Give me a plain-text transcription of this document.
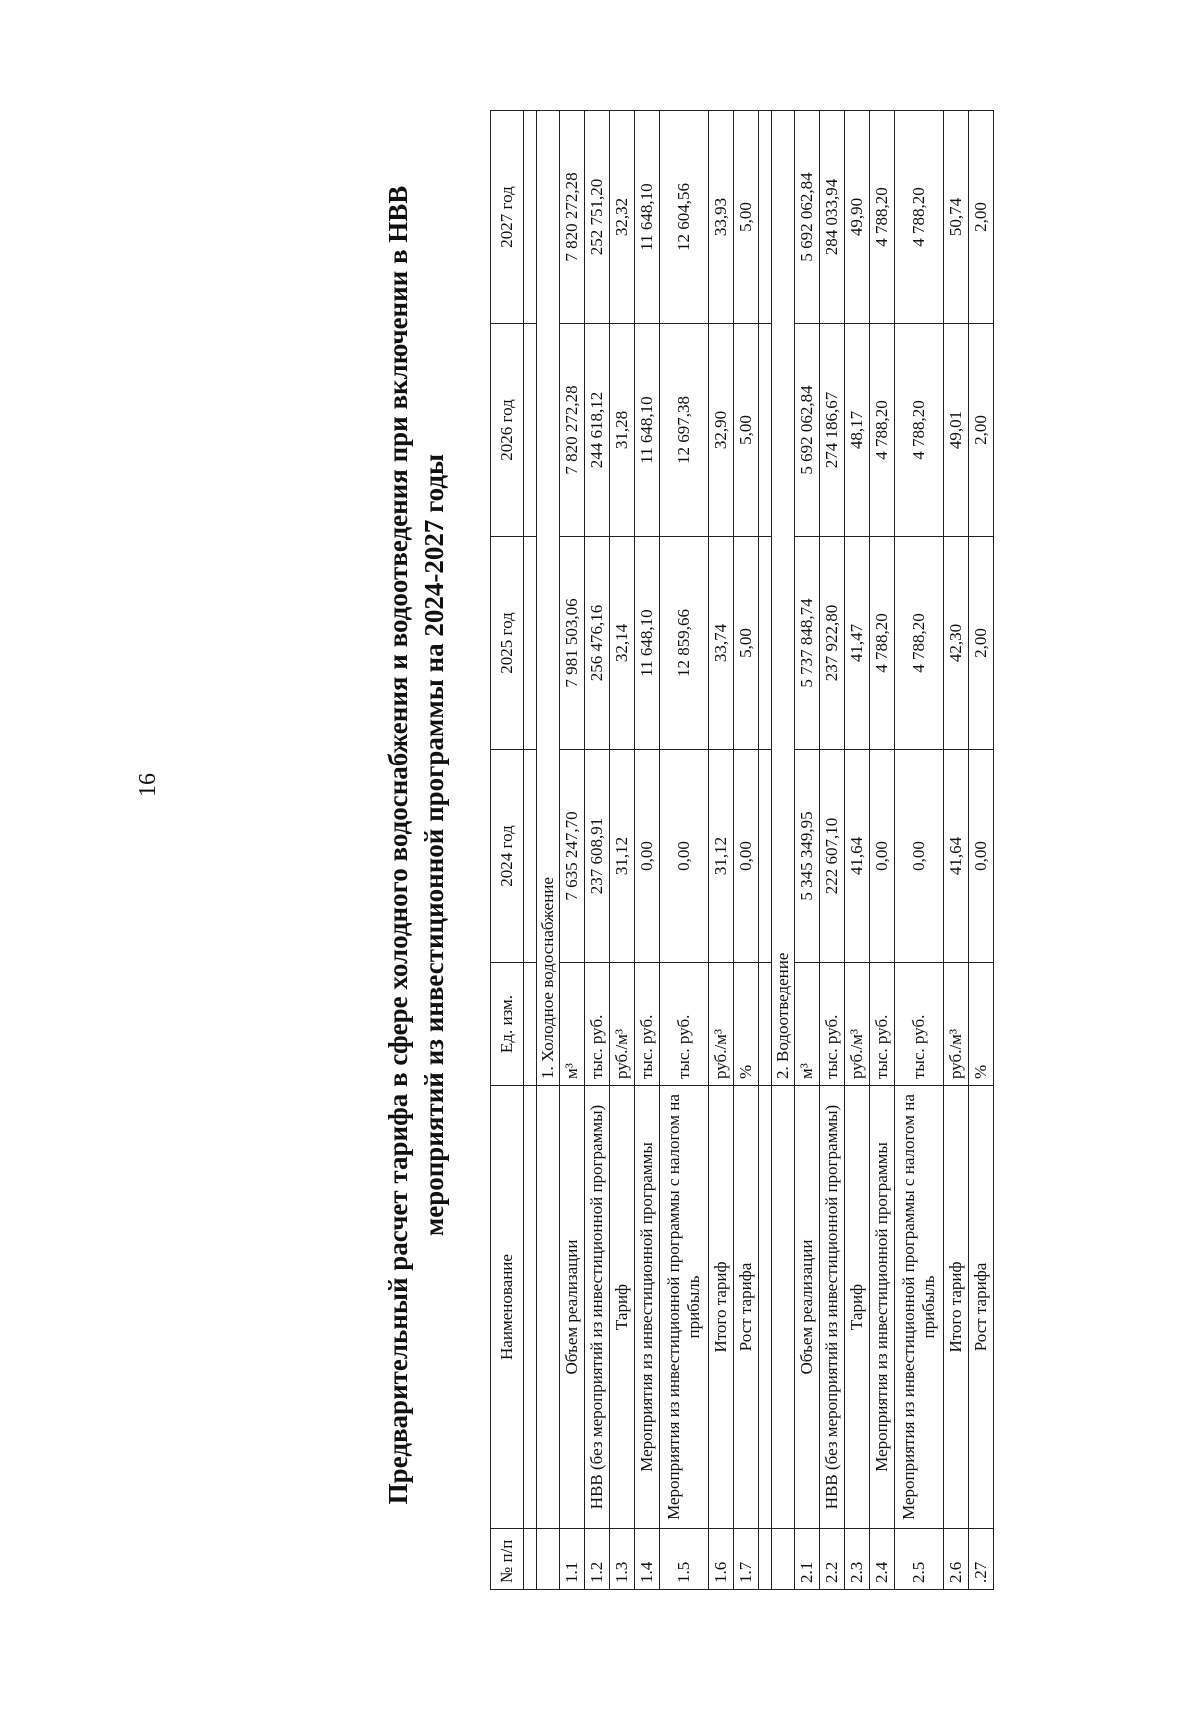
16	Предварительный расчет тарифа в сфере холодного водоснабжения и водоотведения при включении в НВВ мероприятий из инвестиционной программы на 2024-2027 годы
№ п/п	Наименование	Ед. изм.	2024 год	2025 год	2026 год	2027 год

		1. Холодное водоснабжение				
1.1	Объем реализации	м³	7 635 247,70	7 981 503,06	7 820 272,28	7 820 272,28
1.2	НВВ (без мероприятий из инвестиционной программы)	тыс. руб.	237 608,91	256 476,16	244 618,12	252 751,20
1.3	Тариф	руб./м³	31,12	32,14	31,28	32,32
1.4	Мероприятия из инвестиционной программы	тыс. руб.	0,00	11 648,10	11 648,10	11 648,10
1.5	Мероприятия из инвестиционной программы с налогом на прибыль	тыс. руб.	0,00	12 859,66	12 697,38	12 604,56
1.6	Итого тариф	руб./м³	31,12	33,74	32,90	33,93
1.7	Рост тарифа	%	0,00	5,00	5,00	5,00

		2. Водоотведение				
2.1	Объем реализации	м³	5 345 349,95	5 737 848,74	5 692 062,84	5 692 062,84
2.2	НВВ (без мероприятий из инвестиционной программы)	тыс. руб.	222 607,10	237 922,80	274 186,67	284 033,94
2.3	Тариф	руб./м³	41,64	41,47	48,17	49,90
2.4	Мероприятия из инвестиционной программы	тыс. руб.	0,00	4 788,20	4 788,20	4 788,20
2.5	Мероприятия из инвестиционной программы с налогом на прибыль	тыс. руб.	0,00	4 788,20	4 788,20	4 788,20
2.6	Итого тариф	руб./м³	41,64	42,30	49,01	50,74
.27	Рост тарифа	%	0,00	2,00	2,00	2,00
